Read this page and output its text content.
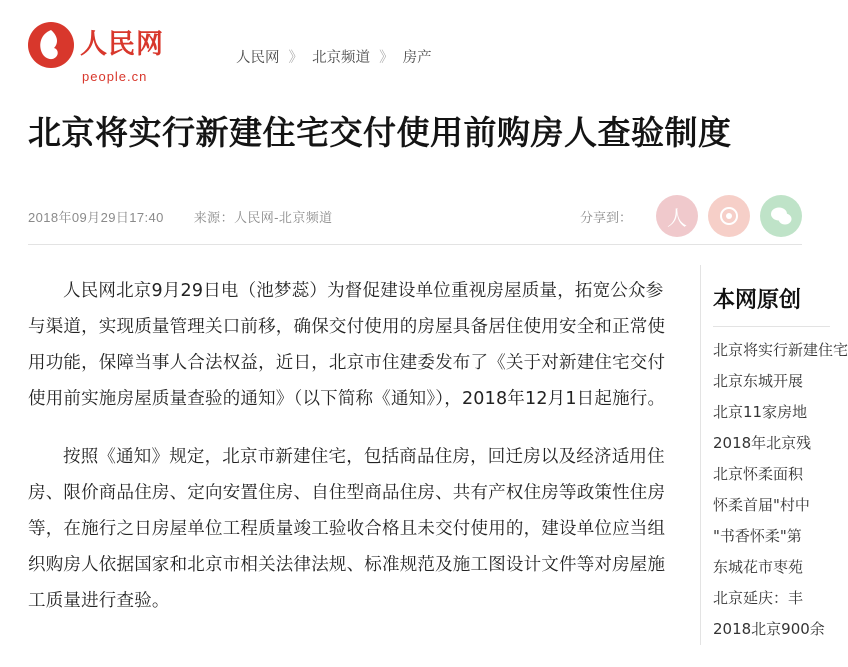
人民网
people.cn
人民网 》 北京频道 》 房产
北京将实行新建住宅交付使用前购房人查验制度
2018年09月29日17:40 来源：人民网-北京频道	分享到：	人

人民网北京9月29日电（池梦蕊）为督促建设单位重视房屋质量，拓宽公众参与渠道，实现质量管理关口前移，确保交付使用的房屋具备居住使用安全和正常使用功能，保障当事人合法权益，近日，北京市住建委发布了《关于对新建住宅交付使用前实施房屋质量查验的通知》（以下简称《通知》），2018年12月1日起施行。

按照《通知》规定，北京市新建住宅，包括商品住房，回迁房以及经济适用住房、限价商品住房、定向安置住房、自住型商品住房、共有产权住房等政策性住房等，在施行之日房屋单位工程质量竣工验收合格且未交付使用的，建设单位应当组织购房人依据国家和北京市相关法律法规、标准规范及施工图设计文件等对房屋施工质量进行查验。

本网原创
北京将实行新建住宅
北京东城开展
北京11家房地
2018年北京残
北京怀柔面积
怀柔首届"村中
"书香怀柔"第
东城花市枣苑
北京延庆：丰
2018北京900余
